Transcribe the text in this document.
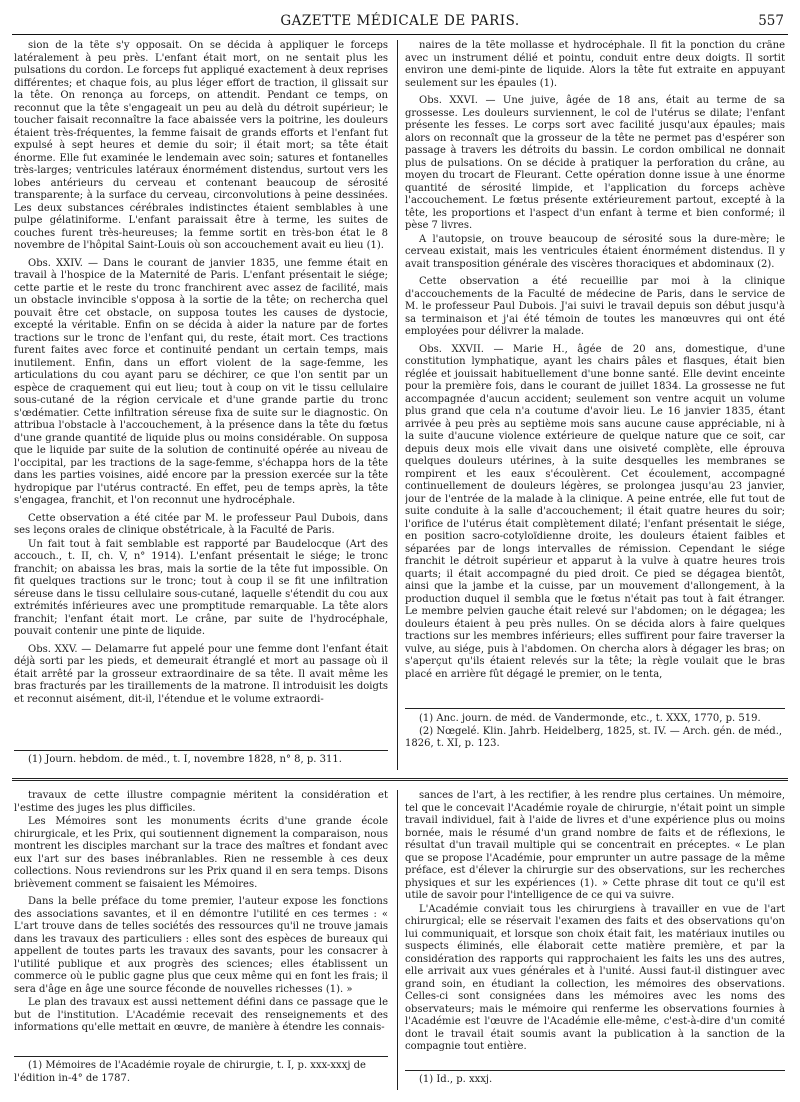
GAZETTE MÉDICALE DE PARIS.	557

sion de la tête s'y opposait. On se décida à appliquer le forceps latéralement à peu près. L'enfant était mort, on ne sentait plus les pulsations du cordon. Le forceps fut appliqué exactement à deux reprises différentes; et chaque fois, au plus léger effort de traction, il glissait sur la tête. On renonça au forceps, on attendit. Pendant ce temps, on reconnut que la tête s'engageait un peu au delà du détroit supérieur; le toucher faisait reconnaître la face abaissée vers la poitrine, les douleurs étaient très-fréquentes, la femme faisait de grands efforts et l'enfant fut expulsé à sept heures et demie du soir; il était mort; sa tête était énorme. Elle fut examinée le lendemain avec soin; satures et fontanelles très-larges; ventricules latéraux énormément distendus, surtout vers les lobes antérieurs du cerveau et contenant beaucoup de sérosité transparente; à la surface du cerveau, circonvolutions à peine dessinées. Les deux substances cérébrales indistinctes étaient semblables à une pulpe gélatiniforme. L'enfant paraissait être à terme, les suites de couches furent très-heureuses; la femme sortit en très-bon état le 8 novembre de l'hôpital Saint-Louis où son accouchement avait eu lieu (1).

Obs. XXIV. — Dans le courant de janvier 1835, une femme était en travail à l'hospice de la Maternité de Paris. L'enfant présentait le siége; cette partie et le reste du tronc franchirent avec assez de facilité, mais un obstacle invincible s'opposa à la sortie de la tête; on rechercha quel pouvait être cet obstacle, on supposa toutes les causes de dystocie, excepté la véritable. Enfin on se décida à aider la nature par de fortes tractions sur le tronc de l'enfant qui, du reste, était mort. Ces tractions furent faites avec force et continuité pendant un certain temps, mais inutilement. Enfin, dans un effort violent de la sage-femme, les articulations du cou ayant paru se déchirer, ce que l'on sentit par un espèce de craquement qui eut lieu; tout à coup on vit le tissu cellulaire sous-cutané de la région cervicale et d'une grande partie du tronc s'œdématier. Cette infiltration séreuse fixa de suite sur le diagnostic. On attribua l'obstacle à l'accouchement, à la présence dans la tête du fœtus d'une grande quantité de liquide plus ou moins considérable. On supposa que le liquide par suite de la solution de continuité opérée au niveau de l'occipital, par les tractions de la sage-femme, s'échappa hors de la tête dans les parties voisines, aidé encore par la pression exercée sur la tête hydropique par l'utérus contracté. En effet, peu de temps après, la tête s'engagea, franchit, et l'on reconnut une hydrocéphale.

Cette observation a été citée par M. le professeur Paul Dubois, dans ses leçons orales de clinique obstétricale, à la Faculté de Paris.

Un fait tout à fait semblable est rapporté par Baudelocque (Art des accouch., t. II, ch. V, n° 1914). L'enfant présentait le siége; le tronc franchit; on abaissa les bras, mais la sortie de la tête fut impossible. On fit quelques tractions sur le tronc; tout à coup il se fit une infiltration séreuse dans le tissu cellulaire sous-cutané, laquelle s'étendit du cou aux extrémités inférieures avec une promptitude remarquable. La tête alors franchit; l'enfant était mort. Le crâne, par suite de l'hydrocéphale, pouvait contenir une pinte de liquide.

Obs. XXV. — Delamarre fut appelé pour une femme dont l'enfant était déjà sorti par les pieds, et demeurait étranglé et mort au passage où il était arrêté par la grosseur extraordinaire de sa tête. Il avait même les bras fracturés par les tiraillements de la matrone. Il introduisit les doigts et reconnut aisément, dit-il, l'étendue et le volume extraordi-

naires de la tête mollasse et hydrocéphale. Il fit la ponction du crâne avec un instrument délié et pointu, conduit entre deux doigts. Il sortit environ une demi-pinte de liquide. Alors la tête fut extraite en appuyant seulement sur les épaules (1).

Obs. XXVI. — Une juive, âgée de 18 ans, était au terme de sa grossesse. Les douleurs surviennent, le col de l'utérus se dilate; l'enfant présente les fesses. Le corps sort avec facilité jusqu'aux épaules; mais alors on reconnaît que la grosseur de la tête ne permet pas d'espérer son passage à travers les détroits du bassin. Le cordon ombilical ne donnait plus de pulsations. On se décide à pratiquer la perforation du crâne, au moyen du trocart de Fleurant. Cette opération donne issue à une énorme quantité de sérosité limpide, et l'application du forceps achève l'accouchement. Le fœtus présente extérieurement partout, excepté à la tête, les proportions et l'aspect d'un enfant à terme et bien conformé; il pèse 7 livres.

A l'autopsie, on trouve beaucoup de sérosité sous la dure-mère; le cerveau existait, mais les ventricules étaient énormément distendus. Il y avait transposition générale des viscères thoraciques et abdominaux (2).

Cette observation a été recueillie par moi à la clinique d'accouchements de la Faculté de médecine de Paris, dans le service de M. le professeur Paul Dubois. J'ai suivi le travail depuis son début jusqu'à sa terminaison et j'ai été témoin de toutes les manœuvres qui ont été employées pour délivrer la malade.

Obs. XXVII. — Marie H., âgée de 20 ans, domestique, d'une constitution lymphatique, ayant les chairs pâles et flasques, était bien réglée et jouissait habituellement d'une bonne santé. Elle devint enceinte pour la première fois, dans le courant de juillet 1834. La grossesse ne fut accompagnée d'aucun accident; seulement son ventre acquit un volume plus grand que cela n'a coutume d'avoir lieu. Le 16 janvier 1835, étant arrivée à peu près au septième mois sans aucune cause appréciable, ni à la suite d'aucune violence extérieure de quelque nature que ce soit, car depuis deux mois elle vivait dans une oisiveté complète, elle éprouva quelques douleurs utérines, à la suite desquelles les membranes se rompirent et les eaux s'écoulèrent. Cet écoulement, accompagné continuellement de douleurs légères, se prolongea jusqu'au 23 janvier, jour de l'entrée de la malade à la clinique. A peine entrée, elle fut tout de suite conduite à la salle d'accouchement; il était quatre heures du soir; l'orifice de l'utérus était complètement dilaté; l'enfant présentait le siége, en position sacro-cotyloïdienne droite, les douleurs étaient faibles et séparées par de longs intervalles de rémission. Cependant le siége franchit le détroit supérieur et apparut à la vulve à quatre heures trois quarts; il était accompagné du pied droit. Ce pied se dégagea bientôt, ainsi que la jambe et la cuisse, par un mouvement d'allongement, à la production duquel il sembla que le fœtus n'était pas tout à fait étranger. Le membre pelvien gauche était relevé sur l'abdomen; on le dégagea; les douleurs étaient à peu près nulles. On se décida alors à faire quelques tractions sur les membres inférieurs; elles suffirent pour faire traverser la vulve, au siége, puis à l'abdomen. On chercha alors à dégager les bras; on s'aperçut qu'ils étaient relevés sur la tête; la règle voulait que le bras placé en arrière fût dégagé le premier, on le tenta,

(1) Journ. hebdom. de méd., t. I, novembre 1828, n° 8, p. 311.

(1) Anc. journ. de méd. de Vandermonde, etc., t. XXX, 1770, p. 519.

(2) Nœgelé. Klin. Jahrb. Heidelberg, 1825, st. IV. — Arch. gén. de méd., 1826, t. XI, p. 123.

travaux de cette illustre compagnie méritent la considération et l'estime des juges les plus difficiles.

Les Mémoires sont les monuments écrits d'une grande école chirurgicale, et les Prix, qui soutiennent dignement la comparaison, nous montrent les disciples marchant sur la trace des maîtres et fondant avec eux l'art sur des bases inébranlables. Rien ne ressemble à ces deux collections. Nous reviendrons sur les Prix quand il en sera temps. Disons brièvement comment se faisaient les Mémoires.

Dans la belle préface du tome premier, l'auteur expose les fonctions des associations savantes, et il en démontre l'utilité en ces termes : « L'art trouve dans de telles sociétés des ressources qu'il ne trouve jamais dans les travaux des particuliers : elles sont des espèces de bureaux qui appellent de toutes parts les travaux des savants, pour les consacrer à l'utilité publique et aux progrès des sciences; elles établissent un commerce où le public gagne plus que ceux même qui en font les frais; il sera d'âge en âge une source féconde de nouvelles richesses (1). »

Le plan des travaux est aussi nettement défini dans ce passage que le but de l'institution. L'Académie recevait des renseignements et des informations qu'elle mettait en œuvre, de manière à étendre les connais-

sances de l'art, à les rectifier, à les rendre plus certaines. Un mémoire, tel que le concevait l'Académie royale de chirurgie, n'était point un simple travail individuel, fait à l'aide de livres et d'une expérience plus ou moins bornée, mais le résumé d'un grand nombre de faits et de réflexions, le résultat d'un travail multiple qui se concentrait en préceptes. « Le plan que se propose l'Académie, pour emprunter un autre passage de la même préface, est d'élever la chirurgie sur des observations, sur les recherches physiques et sur les expériences (1). » Cette phrase dit tout ce qu'il est utile de savoir pour l'intelligence de ce qui va suivre.

L'Académie conviait tous les chirurgiens à travailler en vue de l'art chirurgical; elle se réservait l'examen des faits et des observations qu'on lui communiquait, et lorsque son choix était fait, les matériaux inutiles ou suspects éliminés, elle élaborait cette matière première, et par la considération des rapports qui rapprochaient les faits les uns des autres, elle arrivait aux vues générales et à l'unité. Aussi faut-il distinguer avec grand soin, en étudiant la collection, les mémoires des observations. Celles-ci sont consignées dans les mémoires avec les noms des observateurs; mais le mémoire qui renferme les observations fournies à l'Académie est l'œuvre de l'Académie elle-même, c'est-à-dire d'un comité dont le travail était soumis avant la publication à la sanction de la compagnie tout entière.

(1) Mémoires de l'Académie royale de chirurgie, t. I, p. xxx-xxxj de l'édition in-4° de 1787.	(1) Id., p. xxxj.
